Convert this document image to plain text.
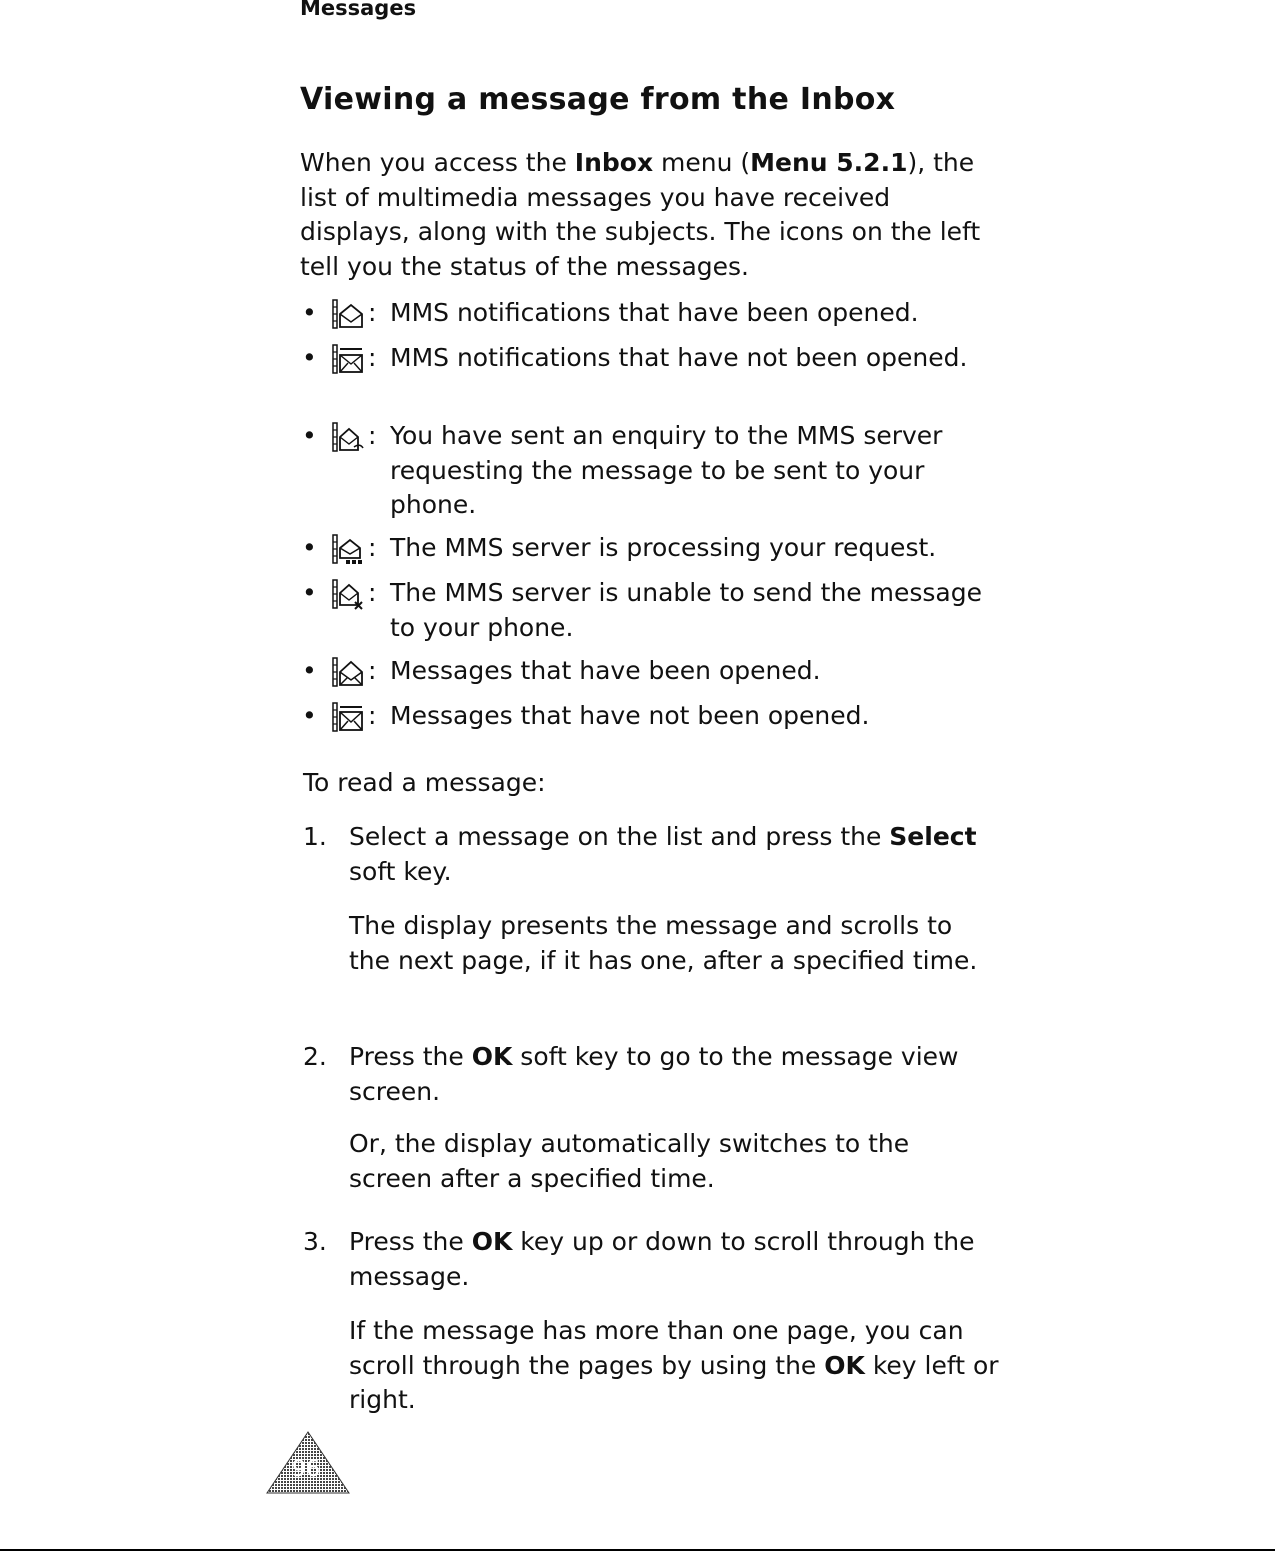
Messages
Viewing a message from the Inbox
When you access the Inbox menu (Menu 5.2.1), the list of multimedia messages you have received displays, along with the subjects. The icons on the left tell you the status of the messages.
• : MMS notifications that have been opened.
• : MMS notifications that have not been opened.
• : You have sent an enquiry to the MMS server requesting the message to be sent to your phone.
• : The MMS server is processing your request.
• : The MMS server is unable to send the message to your phone.
• : Messages that have been opened.
• : Messages that have not been opened.
To read a message:
1. Select a message on the list and press the Select soft key.
The display presents the message and scrolls to the next page, if it has one, after a specified time.
2. Press the OK soft key to go to the message view screen.
Or, the display automatically switches to the screen after a specified time.
3. Press the OK key up or down to scroll through the message.
If the message has more than one page, you can scroll through the pages by using the OK key left or right.
96
